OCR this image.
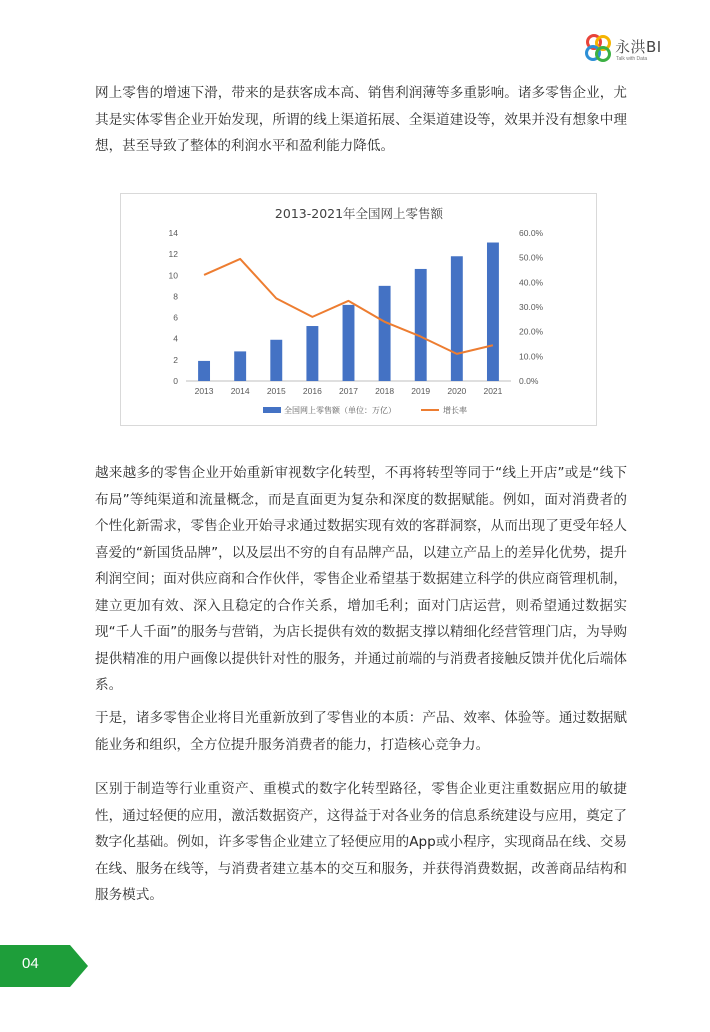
永洪BI
Talk with Data

网上零售的增速下滑，带来的是获客成本高、销售利润薄等多重影响。诸多零售企业，尤其是实体零售企业开始发现，所谓的线上渠道拓展、全渠道建设等，效果并没有想象中理想，甚至导致了整体的利润水平和盈利能力降低。

2013-2021年全国网上零售额
0
2
4
6
8
10
12
14
0.0%
10.0%
20.0%
30.0%
40.0%
50.0%
60.0%
2013 2014 2015 2016 2017 2018 2019 2020 2021
全国网上零售额（单位：万亿）	增长率

越来越多的零售企业开始重新审视数字化转型，不再将转型等同于“线上开店”或是“线下布局”等纯渠道和流量概念，而是直面更为复杂和深度的数据赋能。例如，面对消费者的个性化新需求，零售企业开始寻求通过数据实现有效的客群洞察，从而出现了更受年轻人喜爱的“新国货品牌”，以及层出不穷的自有品牌产品，以建立产品上的差异化优势，提升利润空间；面对供应商和合作伙伴，零售企业希望基于数据建立科学的供应商管理机制，建立更加有效、深入且稳定的合作关系，增加毛利；面对门店运营，则希望通过数据实现“千人千面”的服务与营销，为店长提供有效的数据支撑以精细化经营管理门店，为导购提供精准的用户画像以提供针对性的服务，并通过前端的与消费者接触反馈并优化后端体系。

于是，诸多零售企业将目光重新放到了零售业的本质：产品、效率、体验等。通过数据赋能业务和组织，全方位提升服务消费者的能力，打造核心竞争力。

区别于制造等行业重资产、重模式的数字化转型路径，零售企业更注重数据应用的敏捷性，通过轻便的应用，激活数据资产，这得益于对各业务的信息系统建设与应用，奠定了数字化基础。例如，许多零售企业建立了轻便应用的App或小程序，实现商品在线、交易在线、服务在线等，与消费者建立基本的交互和服务，并获得消费数据，改善商品结构和服务模式。

04
